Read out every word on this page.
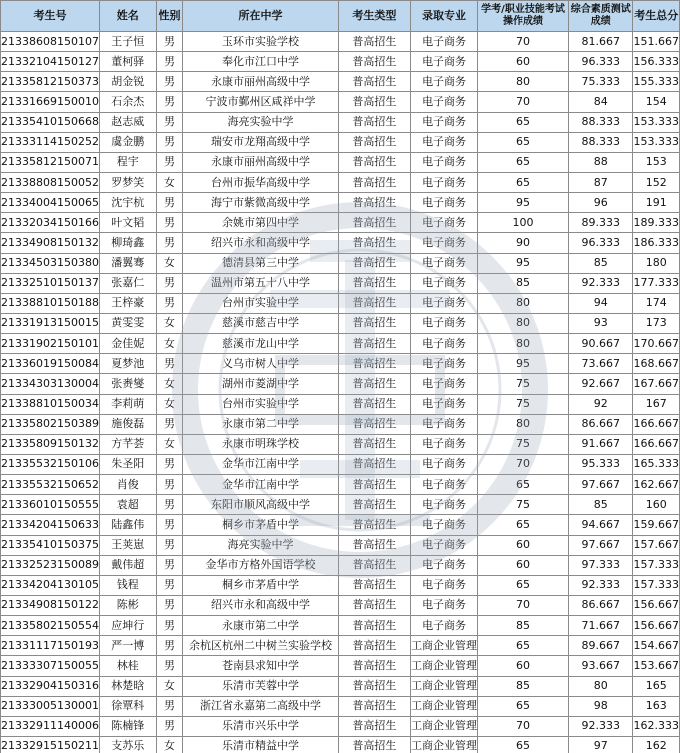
考生号	姓名	性别	所在中学	考生类型	录取专业	学考/职业技能考试操作成绩	综合素质测试成绩	考生总分
21338608150107	王子恒	男	玉环市实验学校	普高招生	电子商务	70	81.667	151.667
21332104150127	董柯驿	男	奉化市江口中学	普高招生	电子商务	60	96.333	156.333
21335812150373	胡金锐	男	永康市丽州高级中学	普高招生	电子商务	80	75.333	155.333
21331669150010	石余杰	男	宁波市鄞州区咸祥中学	普高招生	电子商务	70	84	154
21335410150668	赵志威	男	海亮实验中学	普高招生	电子商务	65	88.333	153.333
21333114150252	虞金鹏	男	瑞安市龙翔高级中学	普高招生	电子商务	65	88.333	153.333
21335812150071	程宇	男	永康市丽州高级中学	普高招生	电子商务	65	88	153
21338808150052	罗梦笑	女	台州市振华高级中学	普高招生	电子商务	65	87	152
21334004150065	沈宇杭	男	海宁市紫微高级中学	普高招生	电子商务	95	96	191
21332034150166	叶文韬	男	余姚市第四中学	普高招生	电子商务	100	89.333	189.333
21334908150132	柳琦鑫	男	绍兴市永和高级中学	普高招生	电子商务	90	96.333	186.333
21334503150380	潘翼骞	女	德清县第三中学	普高招生	电子商务	95	85	180
21332510150137	张嘉仁	男	温州市第五十八中学	普高招生	电子商务	85	92.333	177.333
21338810150188	王梓豪	男	台州市实验中学	普高招生	电子商务	80	94	174
21331913150015	黄雯雯	女	慈溪市慈吉中学	普高招生	电子商务	80	93	173
21331902150101	金佳妮	女	慈溪市龙山中学	普高招生	电子商务	80	90.667	170.667
21336019150084	夏梦池	男	义乌市树人中学	普高招生	电子商务	95	73.667	168.667
21334303130004	张赉燮	女	湖州市菱湖中学	普高招生	电子商务	75	92.667	167.667
21338810150034	李莉萌	女	台州市实验中学	普高招生	电子商务	75	92	167
21335802150389	施俊磊	男	永康市第二中学	普高招生	电子商务	80	86.667	166.667
21335809150132	方芊荟	女	永康市明珠学校	普高招生	电子商务	75	91.667	166.667
21335532150106	朱圣阳	男	金华市江南中学	普高招生	电子商务	70	95.333	165.333
21335532150652	肖俊	男	金华市江南中学	普高招生	电子商务	65	97.667	162.667
21336010150555	袁超	男	东阳市顺风高级中学	普高招生	电子商务	75	85	160
21334204150633	陆鑫伟	男	桐乡市茅盾中学	普高招生	电子商务	65	94.667	159.667
21335410150375	王荚崽	男	海亮实验中学	普高招生	电子商务	60	97.667	157.667
21332523150089	戴伟超	男	金华市方格外国语学校	普高招生	电子商务	60	97.333	157.333
21334204130105	钱程	男	桐乡市茅盾中学	普高招生	电子商务	65	92.333	157.333
21334908150122	陈彬	男	绍兴市永和高级中学	普高招生	电子商务	70	86.667	156.667
21335802150554	应坤行	男	永康市第二中学	普高招生	电子商务	85	71.667	156.667
21331117150193	严一博	男	余杭区杭州二中树兰实验学校	普高招生	工商企业管理	65	89.667	154.667
21333307150055	林桂	男	苍南县求知中学	普高招生	工商企业管理	60	93.667	153.667
21332904150316	林楚晗	女	乐清市芙蓉中学	普高招生	工商企业管理	85	80	165
21333005130001	徐覃科	男	浙江省永嘉第二高级中学	普高招生	工商企业管理	65	98	163
21332911140006	陈楠锋	男	乐清市兴乐中学	普高招生	工商企业管理	70	92.333	162.333
21332915150211	支苏乐	女	乐清市精益中学	普高招生	工商企业管理	65	97	162
